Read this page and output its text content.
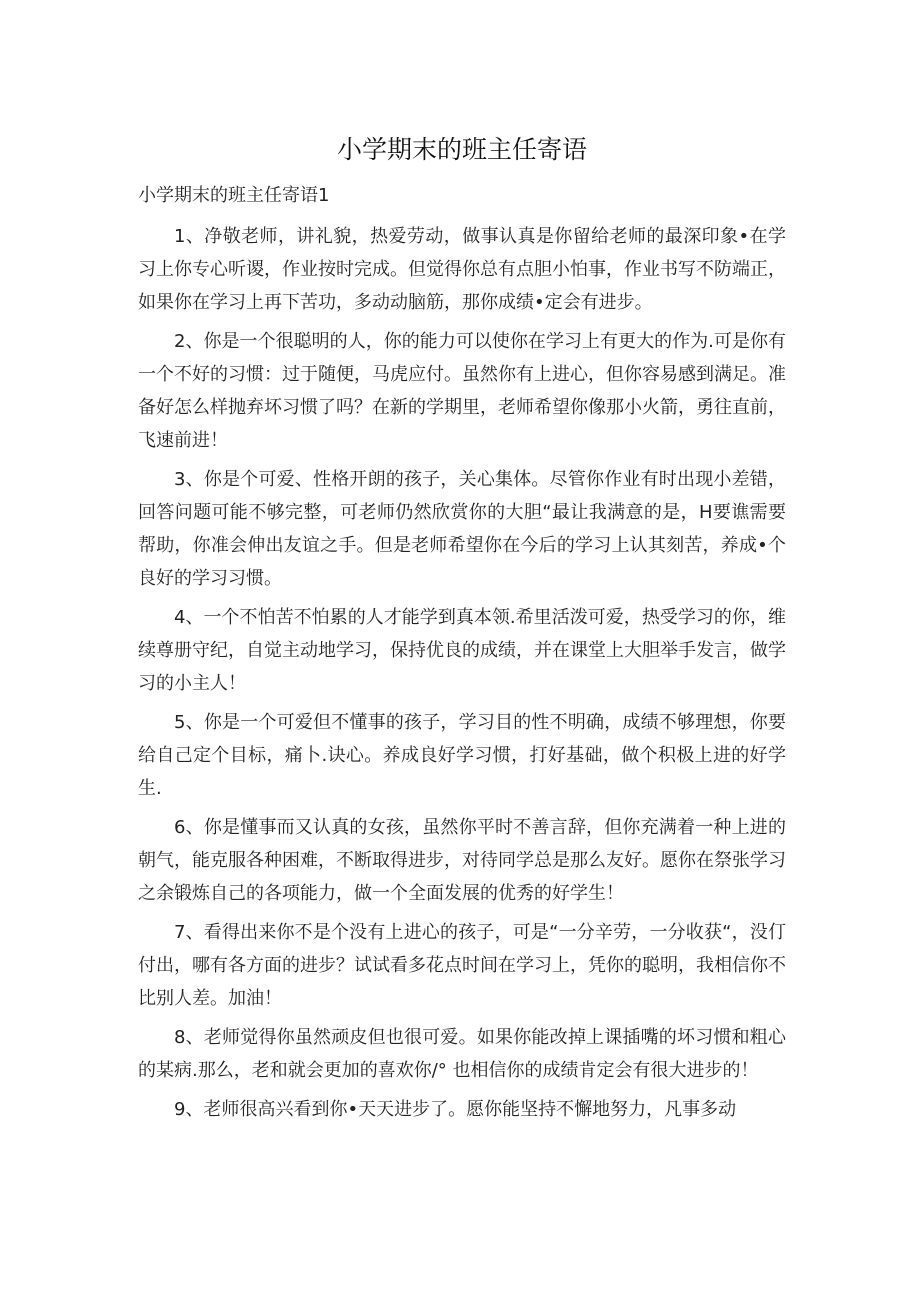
小学期末的班主任寄语
小学期末的班主任寄语1

1、净敬老师，讲礼貌，热爱劳动，做事认真是你留给老师的最深印象•在学习上你专心听谡，作业按时完成。但觉得你总有点胆小怕事，作业书写不防端正，如果你在学习上再下苦功，多动动脑筋，那你成绩•定会有进步。

2、你是一个很聪明的人，你的能力可以使你在学习上有更大的作为.可是你有一个不好的习惯：过于随便，马虎应付。虽然你有上进心，但你容易感到满足。准备好怎么样抛弃坏习惯了吗？在新的学期里，老师希望你像那小火箭，勇往直前，飞速前进！

3、你是个可爱、性格开朗的孩子，关心集体。尽管你作业有时出现小差错，回答问题可能不够完整，可老师仍然欣赏你的大胆“最让我满意的是，H要谯需要帮助，你准会伸出友谊之手。但是老师希望你在今后的学习上认其刻苦，养成•个良好的学习习惯。

4、一个不怕苦不怕累的人才能学到真本领.希里活泼可爱，热受学习的你，维续尊册守纪，自觉主动地学习，保持优良的成绩，并在课堂上大胆举手发言，做学习的小主人！

5、你是一个可爱但不懂事的孩子，学习目的性不明确，成绩不够理想，你要给自己定个目标，痛卜.诀心。养成良好学习惯，打好基础，做个积极上进的好学生.

6、你是懂事而又认真的女孩，虽然你平时不善言辞，但你充满着一种上进的朝气，能克服各种困难，不断取得进步，对待同学总是那么友好。愿你在祭张学习之余锻炼自己的各项能力，做一个全面发展的优秀的好学生！

7、看得出来你不是个没有上进心的孩子，可是“一分辛劳，一分收获“，没仃付出，哪有各方面的进步？试试看多花点时间在学习上，凭你的聪明，我相信你不比别人差。加油！

8、老师觉得你虽然顽皮但也很可爱。如果你能改掉上课插嘴的坏习惯和粗心的某病.那么，老和就会更加的喜欢你/° 也相信你的成绩肯定会有很大进步的！

9、老师很高兴看到你•天天进步了。愿你能坚持不懈地努力，凡事多动
